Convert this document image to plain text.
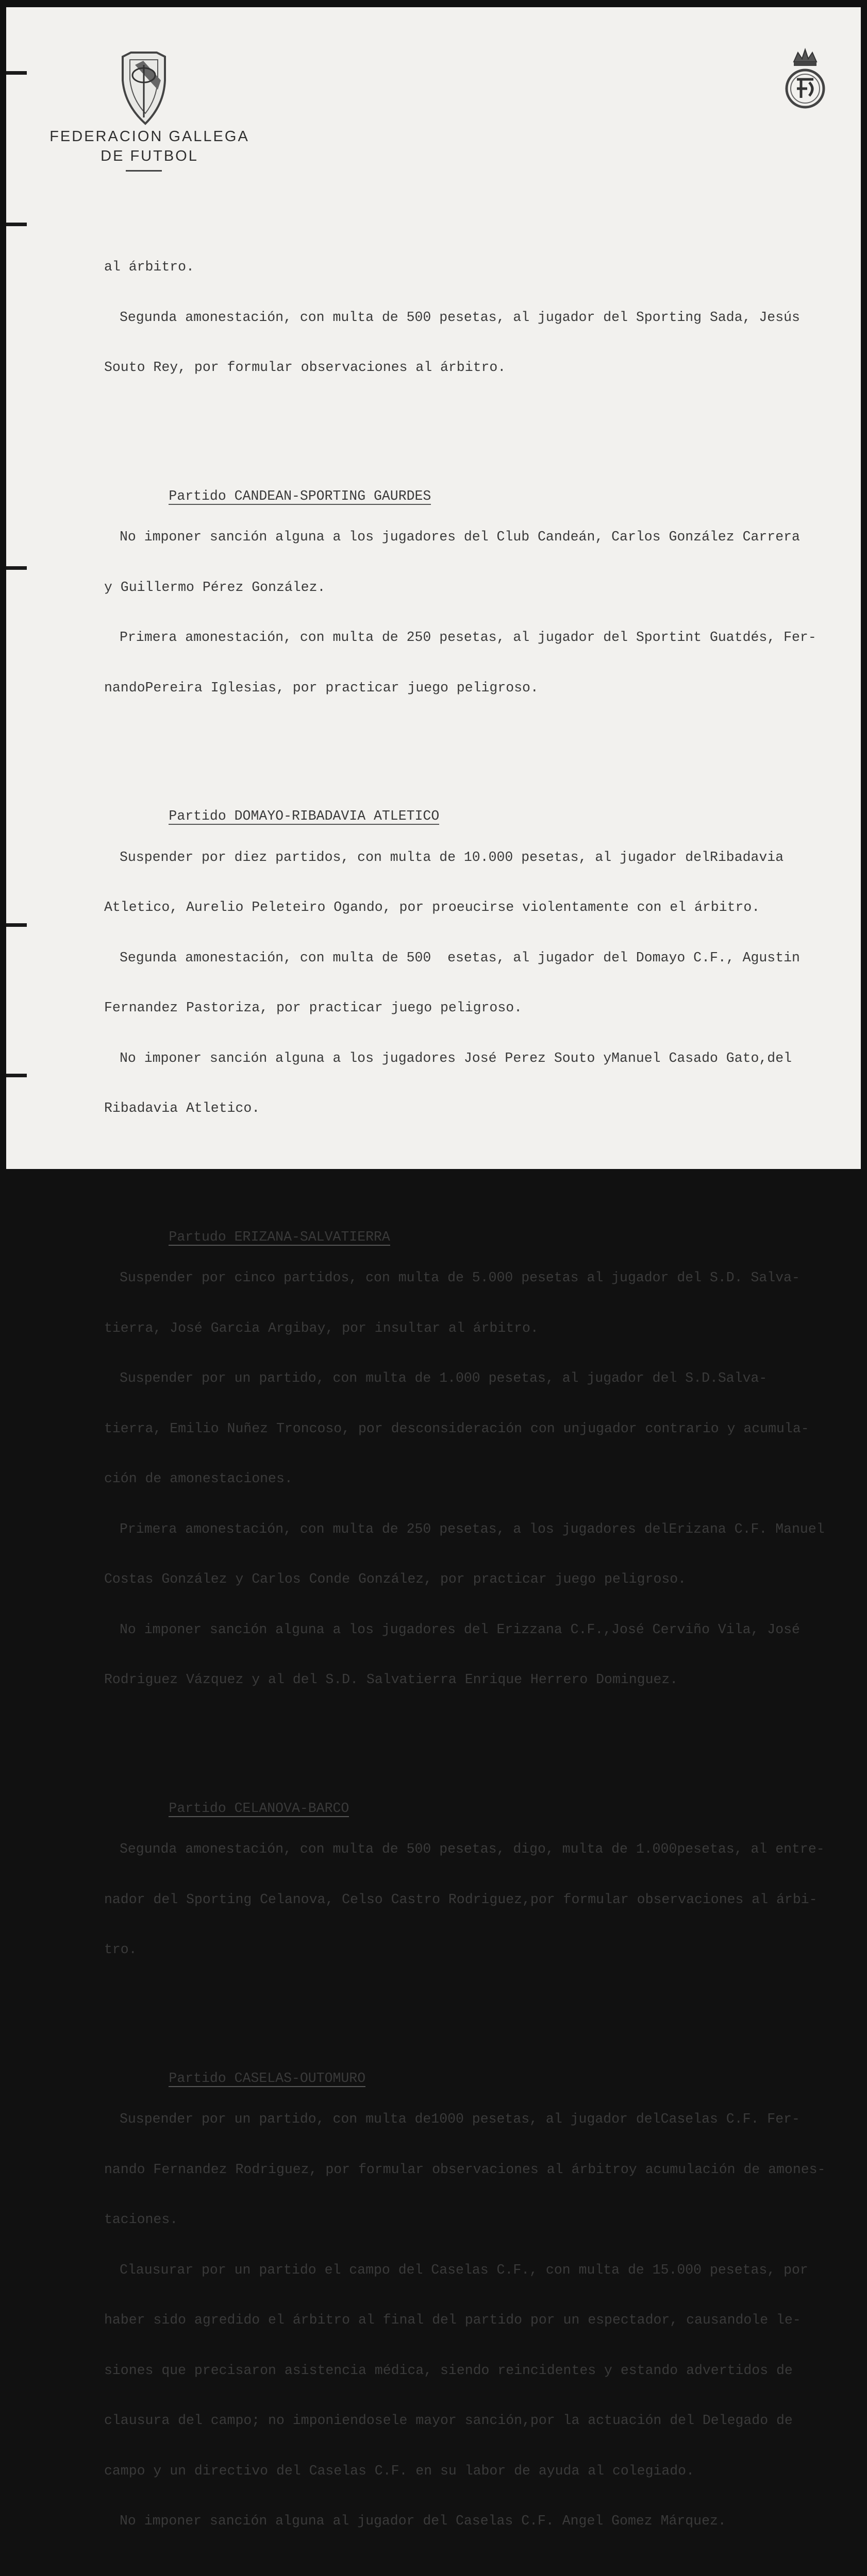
FEDERACION GALLEGA
DE FUTBOL

al árbitro.

Segunda amonestación, con multa de 500 pesetas, al jugador del Sporting Sada, Jesús

Souto Rey, por formular observaciones al árbitro.

Partido CANDEAN-SPORTING GAURDES

No imponer sanción alguna a los jugadores del Club Candeán, Carlos González Carrera

y Guillermo Pérez González.

Primera amonestación, con multa de 250 pesetas, al jugador del Sportint Guatdés, Fer-

nandoPereira Iglesias, por practicar juego peligroso.

Partido DOMAYO-RIBADAVIA ATLETICO

Suspender por diez partidos, con multa de 10.000 pesetas, al jugador delRibadavia

Atletico, Aurelio Peleteiro Ogando, por proeucirse violentamente con el árbitro.

Segunda amonestación, con multa de 500  esetas, al jugador del Domayo C.F., Agustin

Fernandez Pastoriza, por practicar juego peligroso.

No imponer sanción alguna a los jugadores José Perez Souto yManuel Casado Gato,del

Ribadavia Atletico.

Partudo ERIZANA-SALVATIERRA

Suspender por cinco partidos, con multa de 5.000 pesetas al jugador del S.D. Salva-

tierra, José Garcia Argibay, por insultar al árbitro.

Suspender por un partido, con multa de 1.000 pesetas, al jugador del S.D.Salva-

tierra, Emilio Nuñez Troncoso, por desconsideración con unjugador contrario y acumula-

ción de amonestaciones.

Primera amonestación, con multa de 250 pesetas, a los jugadores delErizana C.F. Manuel

Costas González y Carlos Conde González, por practicar juego peligroso.

No imponer sanción alguna a los jugadores del Erizzana C.F.,José Cerviño Vila, José

Rodriguez Vázquez y al del S.D. Salvatierra Enrique Herrero Dominguez.

Partido CELANOVA-BARCO

Segunda amonestación, con multa de 500 pesetas, digo, multa de 1.000pesetas, al entre-

nador del Sporting Celanova, Celso Castro Rodriguez,por formular observaciones al árbi-

tro.

Partido CASELAS-OUTOMURO

Suspender por un partido, con multa de1000 pesetas, al jugador delCaselas C.F. Fer-

nando Fernandez Rodriguez, por formular observaciones al árbitroy acumulación de amones-

taciones.

Clausurar por un partido el campo del Caselas C.F., con multa de 15.000 pesetas, por

haber sido agredido el árbitro al final del partido por un espectador, causandole le-

siones que precisaron asistencia médica, siendo reincidentes y estando advertidos de

clausura del campo; no imponiendosele mayor sanción,por la actuación del Delegado de

campo y un directivo del Caselas C.F. en su labor de ayuda al colegiado.

No imponer sanción alguna al jugador del Caselas C.F. Angel Gomez Márquez.
